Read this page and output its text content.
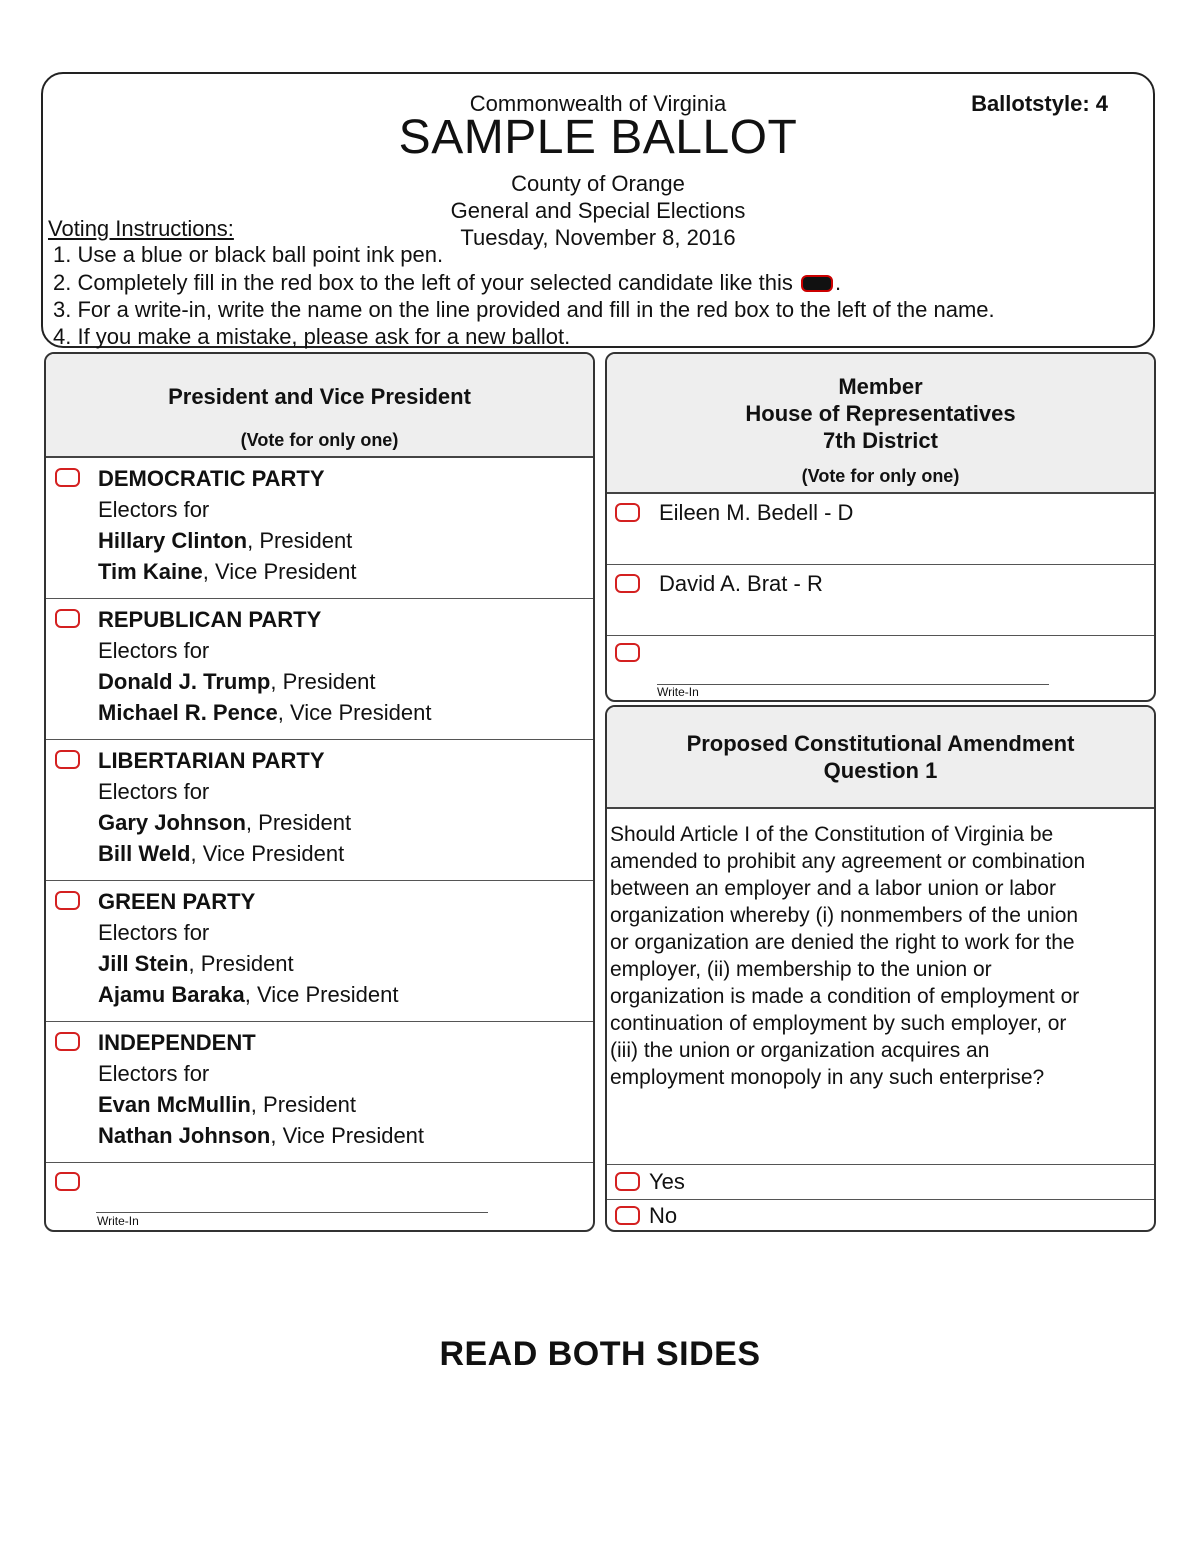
Commonwealth of Virginia	Ballotstyle: 4
SAMPLE BALLOT
County of Orange
General and Special Elections
Tuesday, November 8, 2016
Voting Instructions:
1. Use a blue or black ball point ink pen.
2. Completely fill in the red box to the left of your selected candidate like this .
3. For a write-in, write the name on the line provided and fill in the red box to the left of the name.
4. If you make a mistake, please ask for a new ballot.
President and Vice President
(Vote for only one)
DEMOCRATIC PARTY
Electors for
Hillary Clinton, President
Tim Kaine, Vice President
REPUBLICAN PARTY
Electors for
Donald J. Trump, President
Michael R. Pence, Vice President
LIBERTARIAN PARTY
Electors for
Gary Johnson, President
Bill Weld, Vice President
GREEN PARTY
Electors for
Jill Stein, President
Ajamu Baraka, Vice President
INDEPENDENT
Electors for
Evan McMullin, President
Nathan Johnson, Vice President
Write-In
Member
House of Representatives
7th District
(Vote for only one)
Eileen M. Bedell - D
David A. Brat - R
Write-In
Proposed Constitutional Amendment
Question 1
Should Article I of the Constitution of Virginia be
amended to prohibit any agreement or combination
between an employer and a labor union or labor
organization whereby (i) nonmembers of the union
or organization are denied the right to work for the
employer, (ii) membership to the union or
organization is made a condition of employment or
continuation of employment by such employer, or
(iii) the union or organization acquires an
employment monopoly in any such enterprise?
Yes
No
READ BOTH SIDES
